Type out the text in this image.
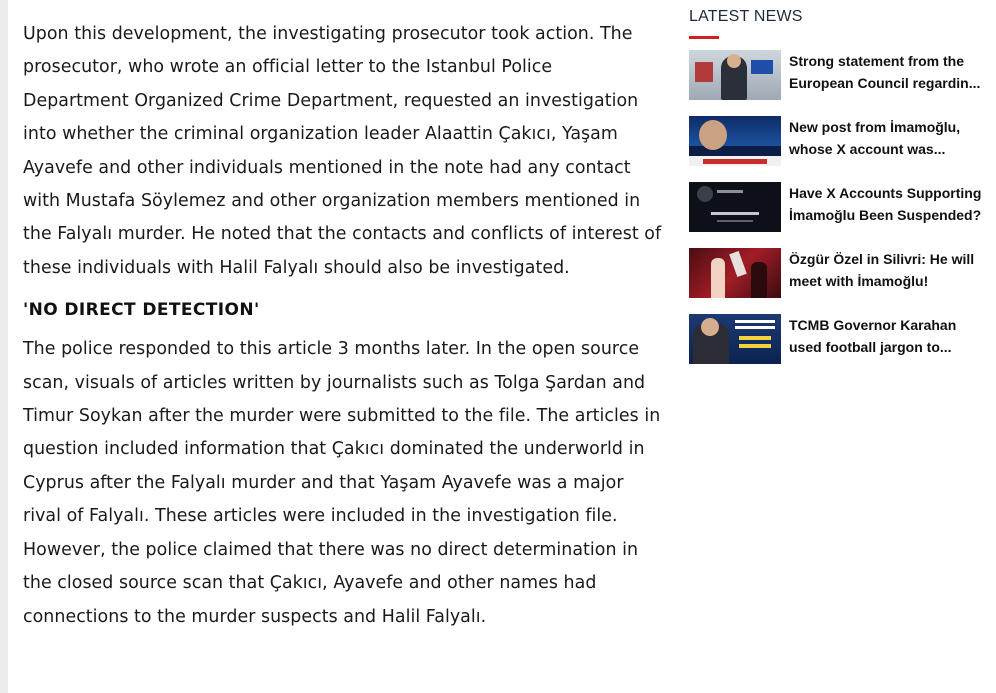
Upon this development, the investigating prosecutor took action. The prosecutor, who wrote an official letter to the Istanbul Police Department Organized Crime Department, requested an investigation into whether the criminal organization leader Alaattin Çakıcı, Yaşam Ayavefe and other individuals mentioned in the note had any contact with Mustafa Söylemez and other organization members mentioned in the Falyalı murder. He noted that the contacts and conflicts of interest of these individuals with Halil Falyalı should also be investigated.

'NO DIRECT DETECTION'

The police responded to this article 3 months later. In the open source scan, visuals of articles written by journalists such as Tolga Şardan and Timur Soykan after the murder were submitted to the file. The articles in question included information that Çakıcı dominated the underworld in Cyprus after the Falyalı murder and that Yaşam Ayavefe was a major rival of Falyalı. These articles were included in the investigation file. However, the police claimed that there was no direct determination in the closed source scan that Çakıcı, Ayavefe and other names had connections to the murder suspects and Halil Falyalı.

LATEST NEWS
Strong statement from the
European Council regardin...
New post from İmamoğlu,
whose X account was...
Have X Accounts Supporting
İmamoğlu Been Suspended?
Özgür Özel in Silivri: He will
meet with İmamoğlu!
TCMB Governor Karahan
used football jargon to...
